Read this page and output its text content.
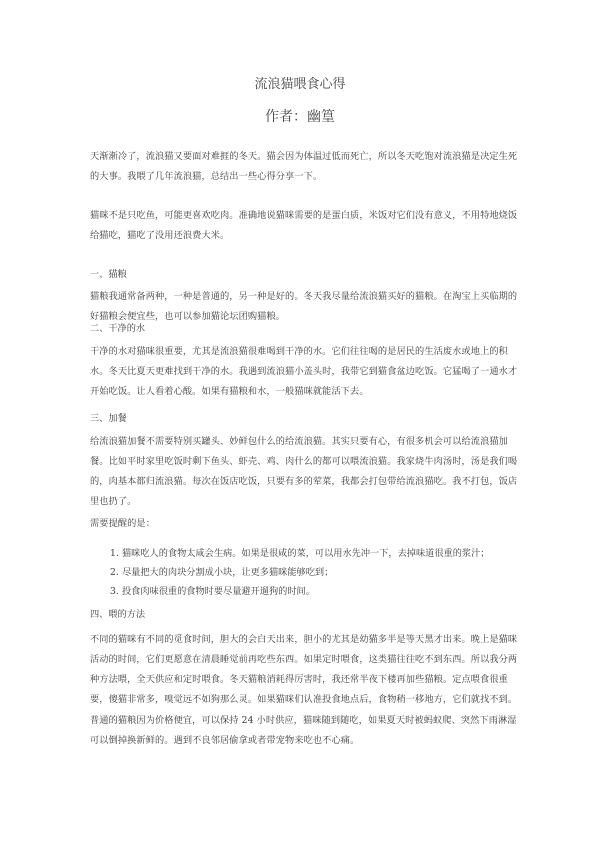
流浪猫喂食心得
作者：幽篁

天渐渐冷了，流浪猫又要面对难捱的冬天。猫会因为体温过低而死亡，所以冬天吃饱对流浪猫是决定生死的大事。我喂了几年流浪猫，总结出一些心得分享一下。

猫咪不是只吃鱼，可能更喜欢吃肉。准确地说猫咪需要的是蛋白质，米饭对它们没有意义，不用特地烧饭给猫吃，猫吃了没用还浪费大米。

一、猫粮

猫粮我通常备两种，一种是普通的，另一种是好的。冬天我尽量给流浪猫买好的猫粮。在淘宝上买临期的好猫粮会便宜些，也可以参加猫论坛团购猫粮。

二、干净的水

干净的水对猫咪很重要，尤其是流浪猫很难喝到干净的水。它们往往喝的是居民的生活废水或地上的积水。冬天比夏天更难找到干净的水。我遇到流浪猫小盖头时，我带它到猫食盆边吃饭。它猛喝了一通水才开始吃饭。让人看着心酸。如果有猫粮和水，一般猫咪就能活下去。

三、加餐

给流浪猫加餐不需要特别买罐头、妙鲜包什么的给流浪猫。其实只要有心，有很多机会可以给流浪猫加餐。比如平时家里吃饭时剩下鱼头、虾壳、鸡、肉什么的都可以喂流浪猫。我家烧牛肉汤时，汤是我们喝的，肉基本都归流浪猫。每次在饭店吃饭，只要有多的荤菜，我都会打包带给流浪猫吃。我不打包，饭店里也扔了。

需要提醒的是：

1. 猫咪吃人的食物太咸会生病。如果是很咸的菜，可以用水先冲一下，去掉味道很重的浆汁；
2. 尽量把大的肉块分割成小块，让更多猫咪能够吃到；
3. 投食肉味很重的食物时要尽量避开遛狗的时间。
四、喂的方法

不同的猫咪有不同的觅食时间，胆大的会白天出来，胆小的尤其是幼猫多半是等天黑才出来。晚上是猫咪活动的时间，它们更愿意在清晨睡觉前再吃些东西。如果定时喂食，这类猫往往吃不到东西。所以我分两种方法喂，全天供应和定时喂食。冬天猫粮消耗得厉害时，我还常半夜下楼再加些猫粮。定点喂食很重要，傻猫非常多，嗅觉远不如狗那么灵。如果猫咪们认准投食地点后，食物稍一移地方，它们就找不到。

普通的猫粮因为价格便宜，可以保持 24 小时供应，猫咪随到随吃，如果夏天时被蚂蚁爬、突然下雨淋湿可以倒掉换新鲜的。遇到不良邻居偷拿或者带宠物来吃也不心痛。
